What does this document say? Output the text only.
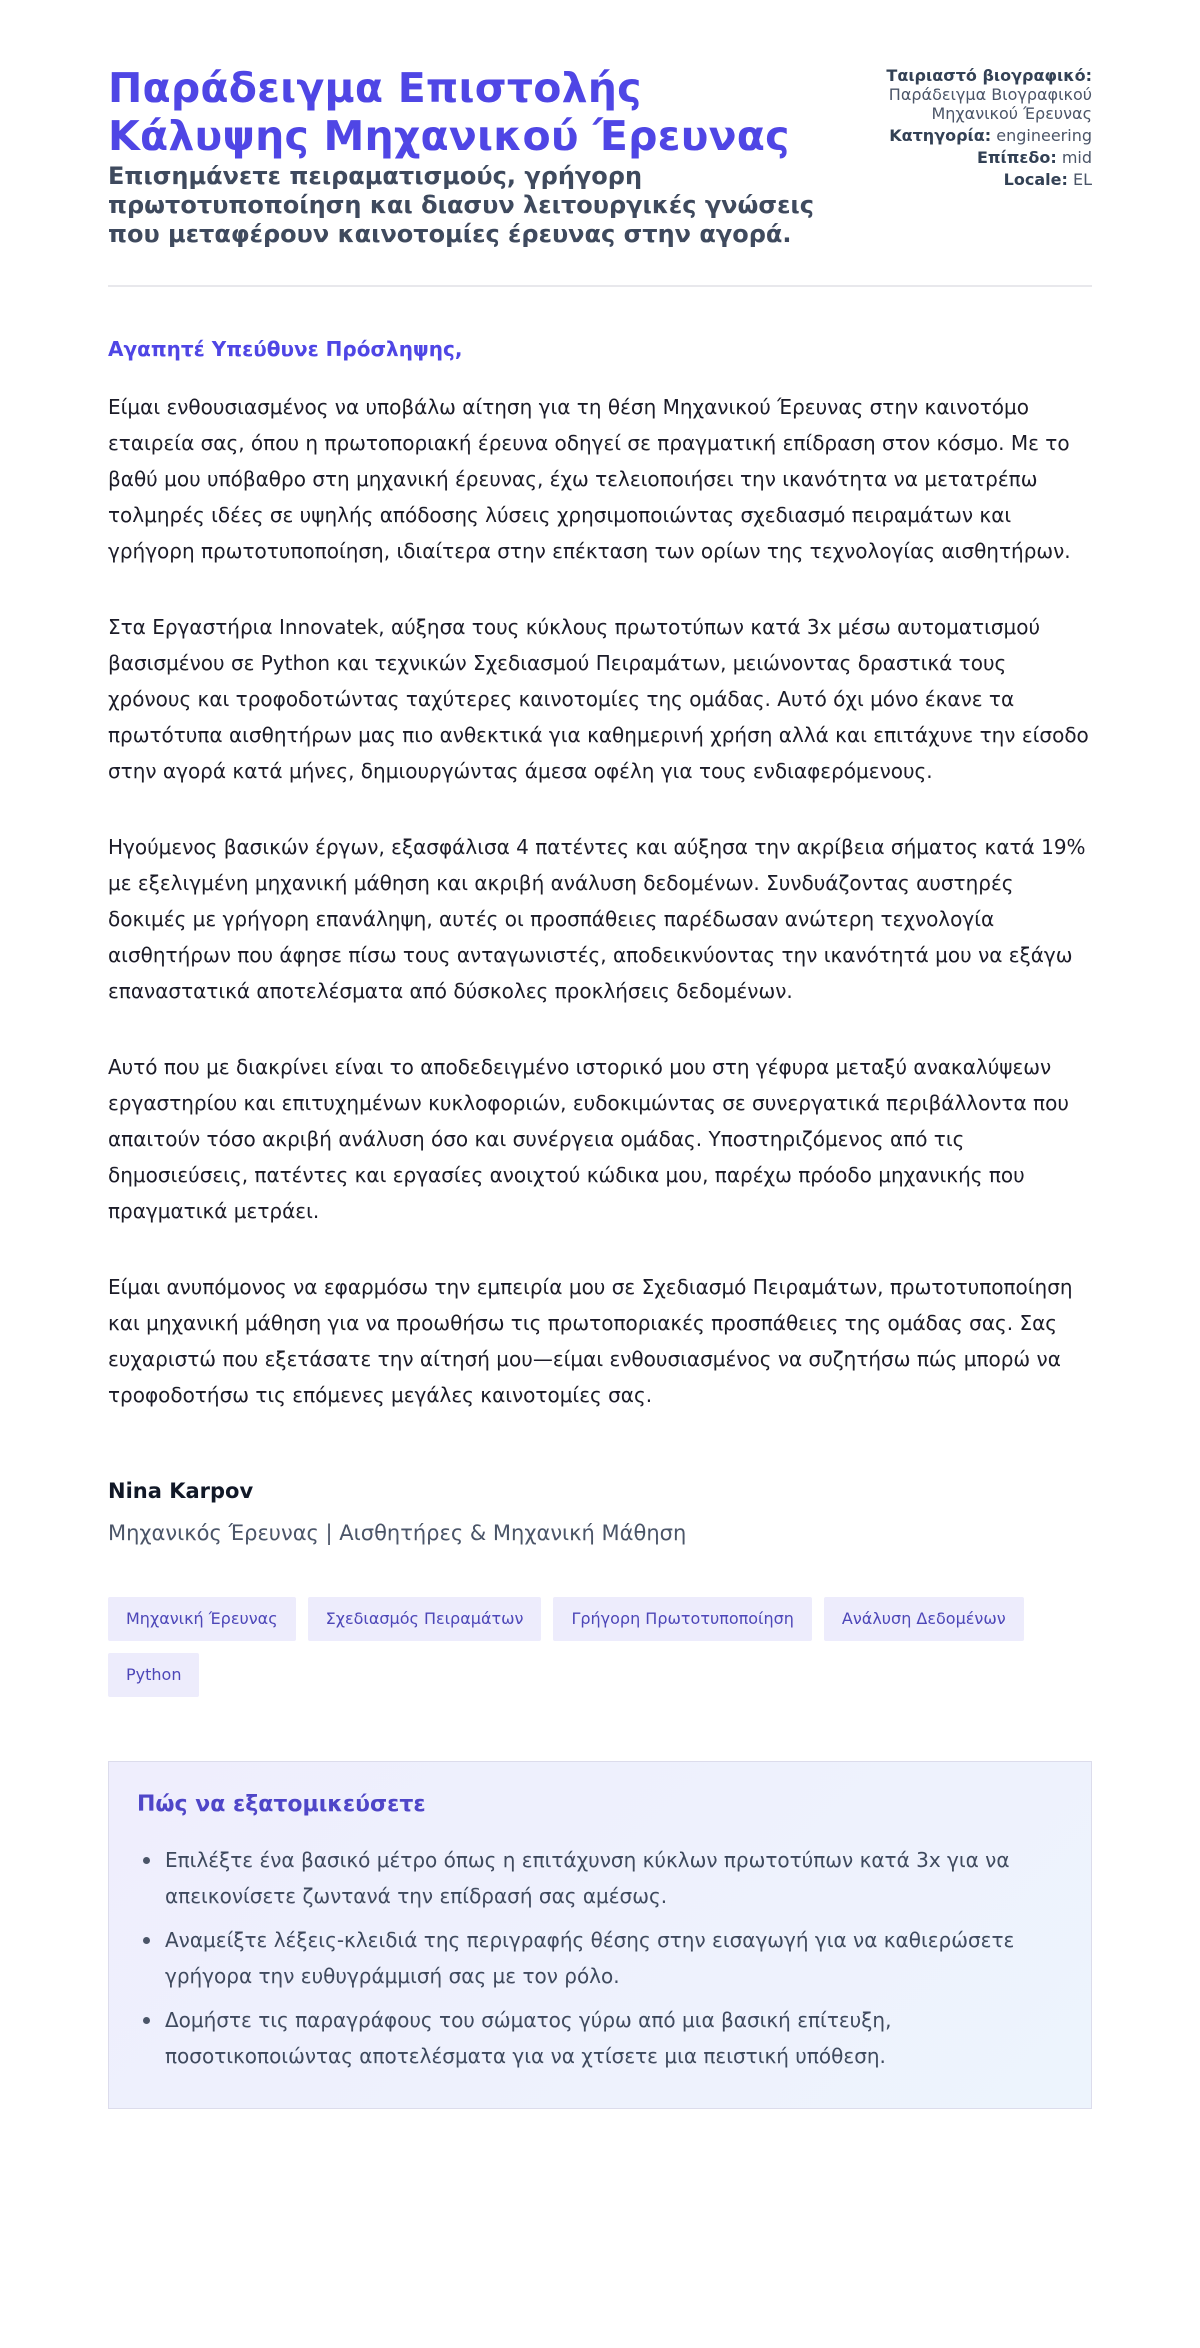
Παράδειγμα Επιστολής Κάλυψης Μηχανικού Έρευνας

Επισημάνετε πειραματισμούς, γρήγορη πρωτοτυποποίηση και διασυν λειτουργικές γνώσεις που μεταφέρουν καινοτομίες έρευνας στην αγορά.

Ταιριαστό βιογραφικό:
Παράδειγμα Βιογραφικού Μηχανικού Έρευνας
Κατηγορία: engineering
Επίπεδο: mid
Locale: EL

Αγαπητέ Υπεύθυνε Πρόσληψης,

Είμαι ενθουσιασμένος να υποβάλω αίτηση για τη θέση Μηχανικού Έρευνας στην καινοτόμο εταιρεία σας, όπου η πρωτοποριακή έρευνα οδηγεί σε πραγματική επίδραση στον κόσμο. Με το βαθύ μου υπόβαθρο στη μηχανική έρευνας, έχω τελειοποιήσει την ικανότητα να μετατρέπω τολμηρές ιδέες σε υψηλής απόδοσης λύσεις χρησιμοποιώντας σχεδιασμό πειραμάτων και γρήγορη πρωτοτυποποίηση, ιδιαίτερα στην επέκταση των ορίων της τεχνολογίας αισθητήρων.

Στα Εργαστήρια Innovatek, αύξησα τους κύκλους πρωτοτύπων κατά 3x μέσω αυτοματισμού βασισμένου σε Python και τεχνικών Σχεδιασμού Πειραμάτων, μειώνοντας δραστικά τους χρόνους και τροφοδοτώντας ταχύτερες καινοτομίες της ομάδας. Αυτό όχι μόνο έκανε τα πρωτότυπα αισθητήρων μας πιο ανθεκτικά για καθημερινή χρήση αλλά και επιτάχυνε την είσοδο στην αγορά κατά μήνες, δημιουργώντας άμεσα οφέλη για τους ενδιαφερόμενους.

Ηγούμενος βασικών έργων, εξασφάλισα 4 πατέντες και αύξησα την ακρίβεια σήματος κατά 19% με εξελιγμένη μηχανική μάθηση και ακριβή ανάλυση δεδομένων. Συνδυάζοντας αυστηρές δοκιμές με γρήγορη επανάληψη, αυτές οι προσπάθειες παρέδωσαν ανώτερη τεχνολογία αισθητήρων που άφησε πίσω τους ανταγωνιστές, αποδεικνύοντας την ικανότητά μου να εξάγω επαναστατικά αποτελέσματα από δύσκολες προκλήσεις δεδομένων.

Αυτό που με διακρίνει είναι το αποδεδειγμένο ιστορικό μου στη γέφυρα μεταξύ ανακαλύψεων εργαστηρίου και επιτυχημένων κυκλοφοριών, ευδοκιμώντας σε συνεργατικά περιβάλλοντα που απαιτούν τόσο ακριβή ανάλυση όσο και συνέργεια ομάδας. Υποστηριζόμενος από τις δημοσιεύσεις, πατέντες και εργασίες ανοιχτού κώδικα μου, παρέχω πρόοδο μηχανικής που πραγματικά μετράει.

Είμαι ανυπόμονος να εφαρμόσω την εμπειρία μου σε Σχεδιασμό Πειραμάτων, πρωτοτυποποίηση και μηχανική μάθηση για να προωθήσω τις πρωτοποριακές προσπάθειες της ομάδας σας. Σας ευχαριστώ που εξετάσατε την αίτησή μου—είμαι ενθουσιασμένος να συζητήσω πώς μπορώ να τροφοδοτήσω τις επόμενες μεγάλες καινοτομίες σας.

Nina Karpov

Μηχανικός Έρευνας | Αισθητήρες & Μηχανική Μάθηση

Μηχανική Έρευνας	Σχεδιασμός Πειραμάτων	Γρήγορη Πρωτοτυποποίηση	Ανάλυση Δεδομένων
Python
Πώς να εξατομικεύσετε
Επιλέξτε ένα βασικό μέτρο όπως η επιτάχυνση κύκλων πρωτοτύπων κατά 3x για να απεικονίσετε ζωντανά την επίδρασή σας αμέσως.
Αναμείξτε λέξεις-κλειδιά της περιγραφής θέσης στην εισαγωγή για να καθιερώσετε γρήγορα την ευθυγράμμισή σας με τον ρόλο.
Δομήστε τις παραγράφους του σώματος γύρω από μια βασική επίτευξη, ποσοτικοποιώντας αποτελέσματα για να χτίσετε μια πειστική υπόθεση.
